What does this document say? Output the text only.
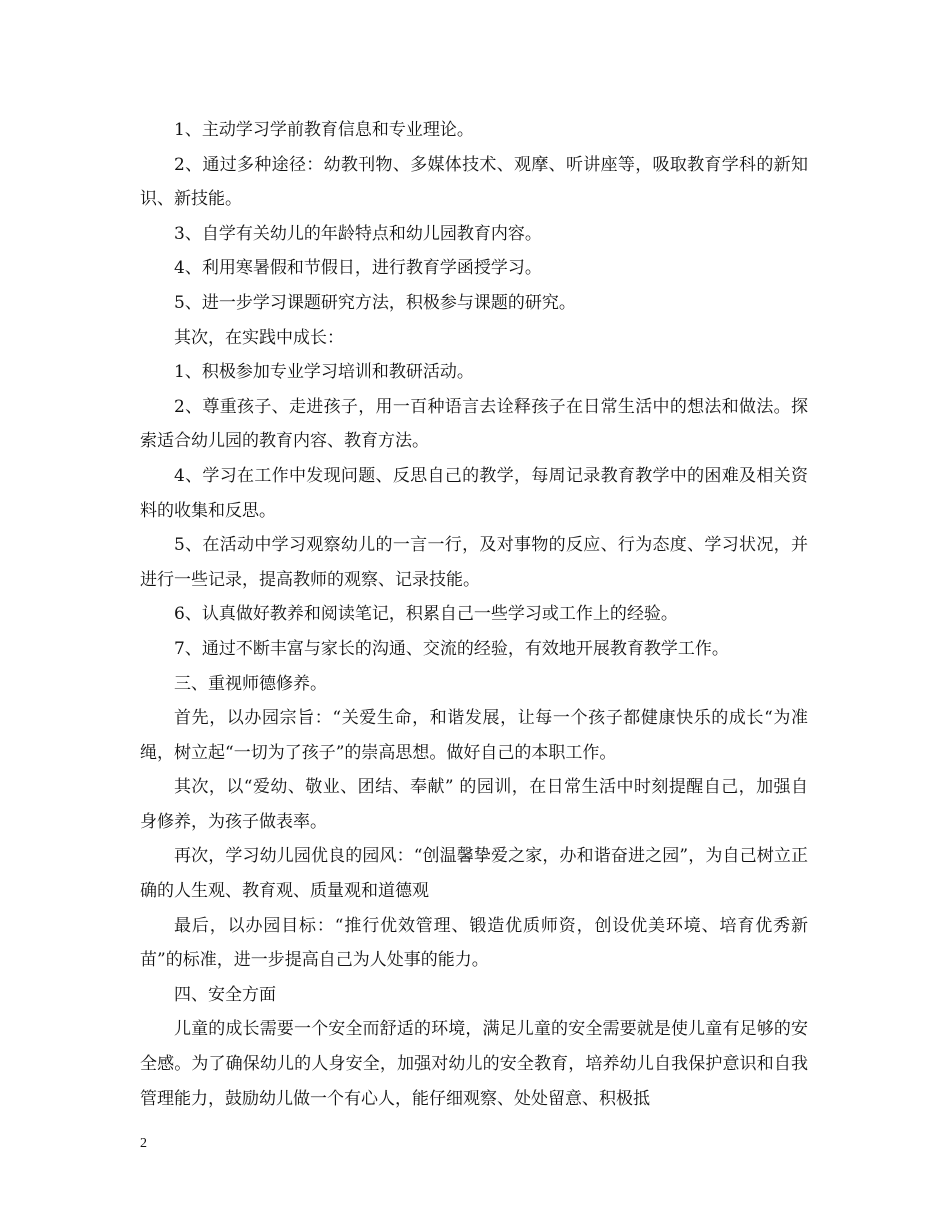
1、主动学习学前教育信息和专业理论。

2、通过多种途径：幼教刊物、多媒体技术、观摩、听讲座等，吸取教育学科的新知识、新技能。

3、自学有关幼儿的年龄特点和幼儿园教育内容。

4、利用寒暑假和节假日，进行教育学函授学习。

5、进一步学习课题研究方法，积极参与课题的研究。

其次，在实践中成长：

1、积极参加专业学习培训和教研活动。

2、尊重孩子、走进孩子，用一百种语言去诠释孩子在日常生活中的想法和做法。探索适合幼儿园的教育内容、教育方法。

4、学习在工作中发现问题、反思自己的教学，每周记录教育教学中的困难及相关资料的收集和反思。

5、在活动中学习观察幼儿的一言一行，及对事物的反应、行为态度、学习状况，并进行一些记录，提高教师的观察、记录技能。

6、认真做好教养和阅读笔记，积累自己一些学习或工作上的经验。

7、通过不断丰富与家长的沟通、交流的经验，有效地开展教育教学工作。

三、重视师德修养。

首先，以办园宗旨：“关爱生命，和谐发展，让每一个孩子都健康快乐的成长“为准绳，树立起“一切为了孩子”的崇高思想。做好自己的本职工作。

其次，以“爱幼、敬业、团结、奉献” 的园训，在日常生活中时刻提醒自己，加强自身修养，为孩子做表率。

再次，学习幼儿园优良的园风：“创温馨挚爱之家，办和谐奋进之园”，为自己树立正确的人生观、教育观、质量观和道德观

最后，以办园目标：“推行优效管理、锻造优质师资，创设优美环境、培育优秀新苗”的标准，进一步提高自己为人处事的能力。

四、安全方面

儿童的成长需要一个安全而舒适的环境，满足儿童的安全需要就是使儿童有足够的安全感。为了确保幼儿的人身安全，加强对幼儿的安全教育，培养幼儿自我保护意识和自我管理能力，鼓励幼儿做一个有心人，能仔细观察、处处留意、积极抵

2
